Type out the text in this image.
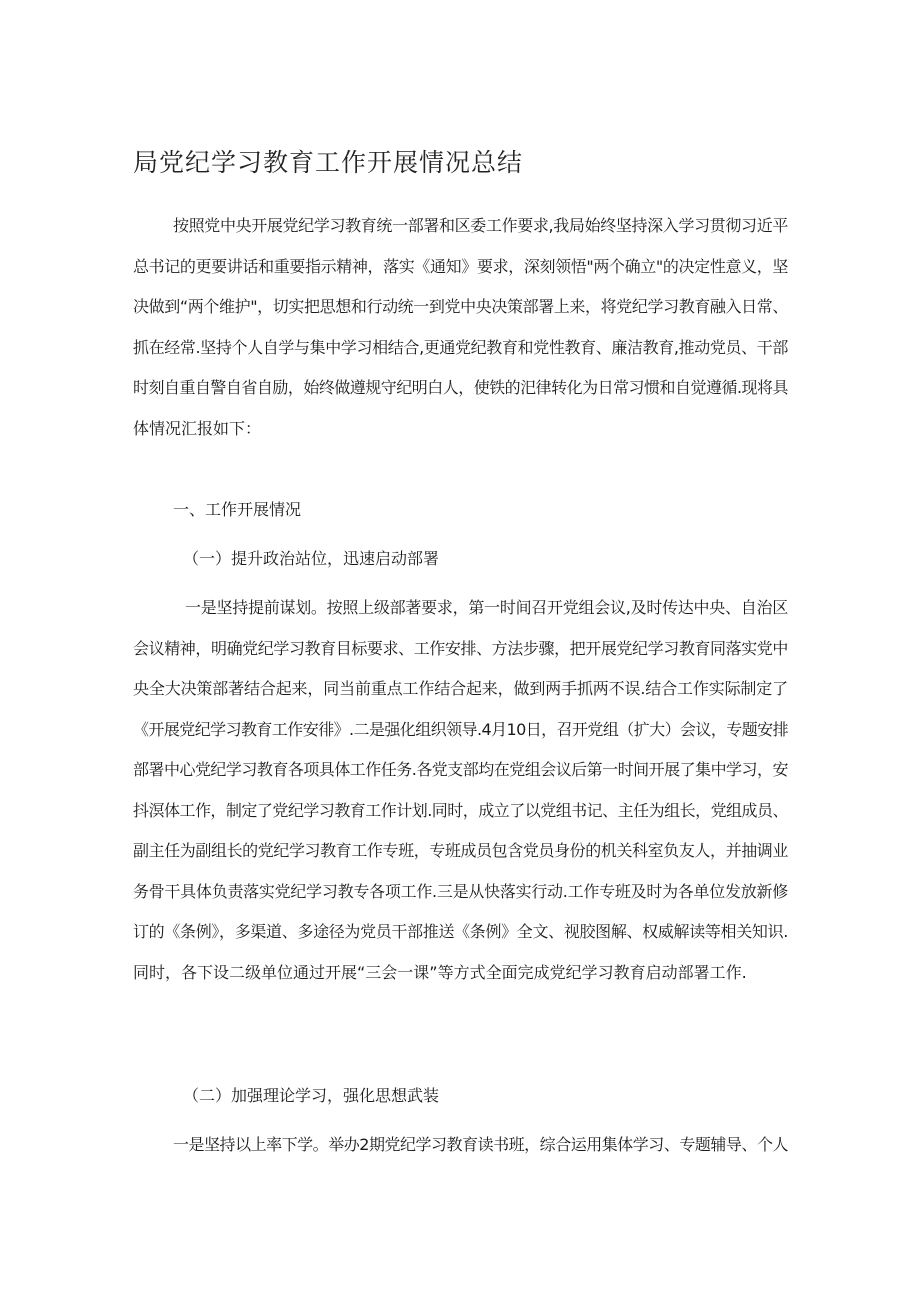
局党纪学习教育工作开展情况总结
按照党中央开展党纪学习教育统一部署和区委工作要求,我局始终坚持深入学习贯彻习近平
总书记的更要讲话和重要指示精神，落实《通知》要求，深刻领悟"两个确立"的决定性意义，坚
决做到“两个维护"，切实把思想和行动统一到党中央决策部署上来，将党纪学习教育融入日常、
抓在经常.坚持个人自学与集中学习相结合,更通党纪教育和党性教育、廉洁教育,推动党员、干部
时刻自重自警自省自励，始终做遵规守纪明白人，使铁的汜律转化为日常习惯和自觉遵循.现将具
体情况汇报如下：
一、工作开展情况
（一）提升政治站位，迅速启动部署
一是坚持提前谋划。按照上级部著要求，第一时间召开党组会议,及时传达中央、自治区
会议精神，明确党纪学习教育目标要求、工作安排、方法步骤，把开展党纪学习教育同落实党中
央全大决策部著结合起来，同当前重点工作结合起来，做到两手抓两不误.结合工作实际制定了
《开展党纪学习教育工作安徘》.二是强化组织领导.4月10日，召开党组（扩大）会议，专题安排
部署中心党纪学习教育各项具体工作任务.各党支部均在党组会议后第一时间开展了集中学习，安
抖溟体工作，制定了党纪学习教育工作计划.同时，成立了以党组书记、主任为组长，党组成员、
副主任为副组长的党纪学习教育工作专班，专班成员包含党员身份的机关科室负友人，并抽调业
务骨干具体负责落实党纪学习教专各项工作.三是从快落实行动.工作专班及时为各单位发放新修
订的《条例》，多渠道、多途径为党员干部推送《条例》全文、视胶图解、权威解读等相关知识.
同时，各下设二级单位通过开展“三会一课”等方式全面完成党纪学习教育启动部署工作.
（二）加强理论学习，强化思想武装
一是坚持以上率下学。举办2期党纪学习教育读书班，综合运用集体学习、专题辅导、个人
